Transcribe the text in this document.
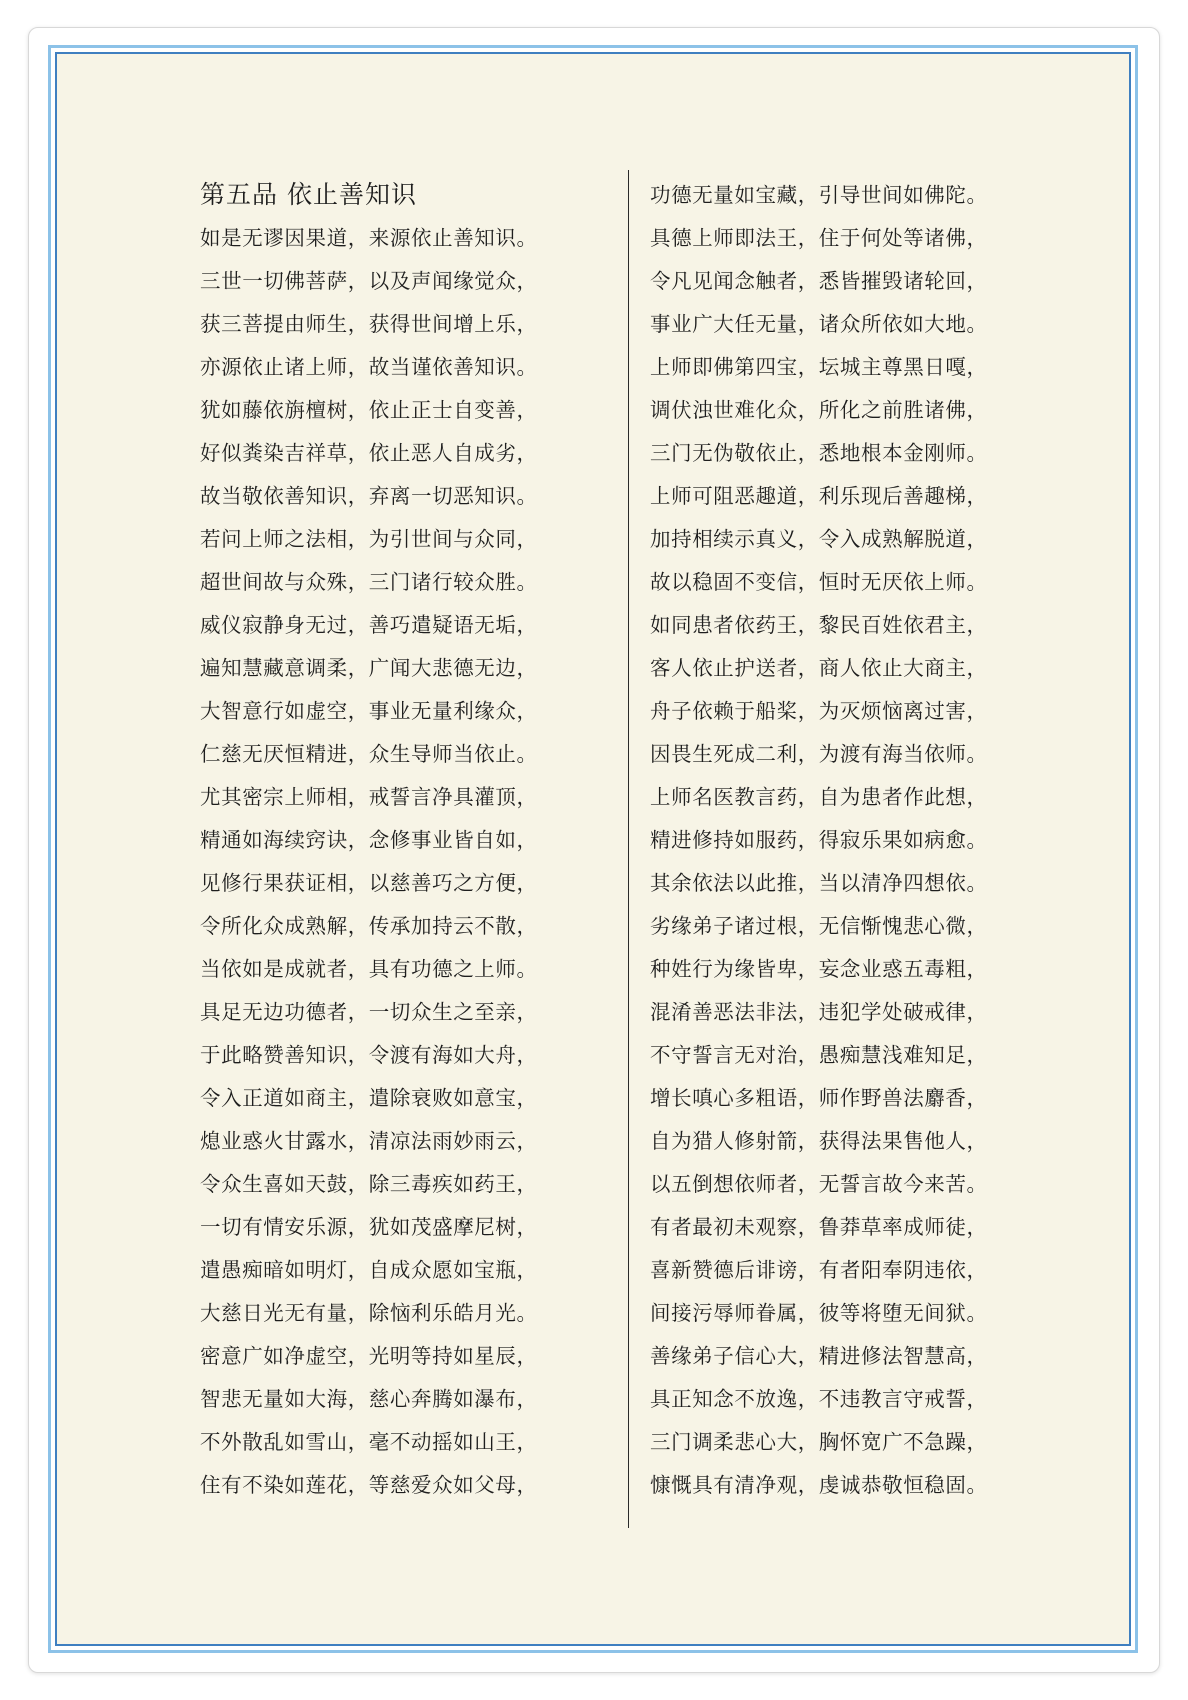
第五品 依止善知识
如是无谬因果道，来源依止善知识。
三世一切佛菩萨，以及声闻缘觉众，
获三菩提由师生，获得世间增上乐，
亦源依止诸上师，故当谨依善知识。
犹如藤依旃檀树，依止正士自变善，
好似粪染吉祥草，依止恶人自成劣，
故当敬依善知识，弃离一切恶知识。
若问上师之法相，为引世间与众同，
超世间故与众殊，三门诸行较众胜。
威仪寂静身无过，善巧遣疑语无垢，
遍知慧藏意调柔，广闻大悲德无边，
大智意行如虚空，事业无量利缘众，
仁慈无厌恒精进，众生导师当依止。
尤其密宗上师相，戒誓言净具灌顶，
精通如海续窍诀，念修事业皆自如，
见修行果获证相，以慈善巧之方便，
令所化众成熟解，传承加持云不散，
当依如是成就者，具有功德之上师。
具足无边功德者，一切众生之至亲，
于此略赞善知识，令渡有海如大舟，
令入正道如商主，遣除衰败如意宝，
熄业惑火甘露水，清凉法雨妙雨云，
令众生喜如天鼓，除三毒疾如药王，
一切有情安乐源，犹如茂盛摩尼树，
遣愚痴暗如明灯，自成众愿如宝瓶，
大慈日光无有量，除恼利乐皓月光。
密意广如净虚空，光明等持如星辰，
智悲无量如大海，慈心奔腾如瀑布，
不外散乱如雪山，毫不动摇如山王，
住有不染如莲花，等慈爱众如父母，
功德无量如宝藏，引导世间如佛陀。
具德上师即法王，住于何处等诸佛，
令凡见闻念触者，悉皆摧毁诸轮回，
事业广大任无量，诸众所依如大地。
上师即佛第四宝，坛城主尊黑日嘎，
调伏浊世难化众，所化之前胜诸佛，
三门无伪敬依止，悉地根本金刚师。
上师可阻恶趣道，利乐现后善趣梯，
加持相续示真义，令入成熟解脱道，
故以稳固不变信，恒时无厌依上师。
如同患者依药王，黎民百姓依君主，
客人依止护送者，商人依止大商主，
舟子依赖于船桨，为灭烦恼离过害，
因畏生死成二利，为渡有海当依师。
上师名医教言药，自为患者作此想，
精进修持如服药，得寂乐果如病愈。
其余依法以此推，当以清净四想依。
劣缘弟子诸过根，无信惭愧悲心微，
种姓行为缘皆卑，妄念业惑五毒粗，
混淆善恶法非法，违犯学处破戒律，
不守誓言无对治，愚痴慧浅难知足，
增长嗔心多粗语，师作野兽法麝香，
自为猎人修射箭，获得法果售他人，
以五倒想依师者，无誓言故今来苦。
有者最初未观察，鲁莽草率成师徒，
喜新赞德后诽谤，有者阳奉阴违依，
间接污辱师眷属，彼等将堕无间狱。
善缘弟子信心大，精进修法智慧高，
具正知念不放逸，不违教言守戒誓，
三门调柔悲心大，胸怀宽广不急躁，
慷慨具有清净观，虔诚恭敬恒稳固。
